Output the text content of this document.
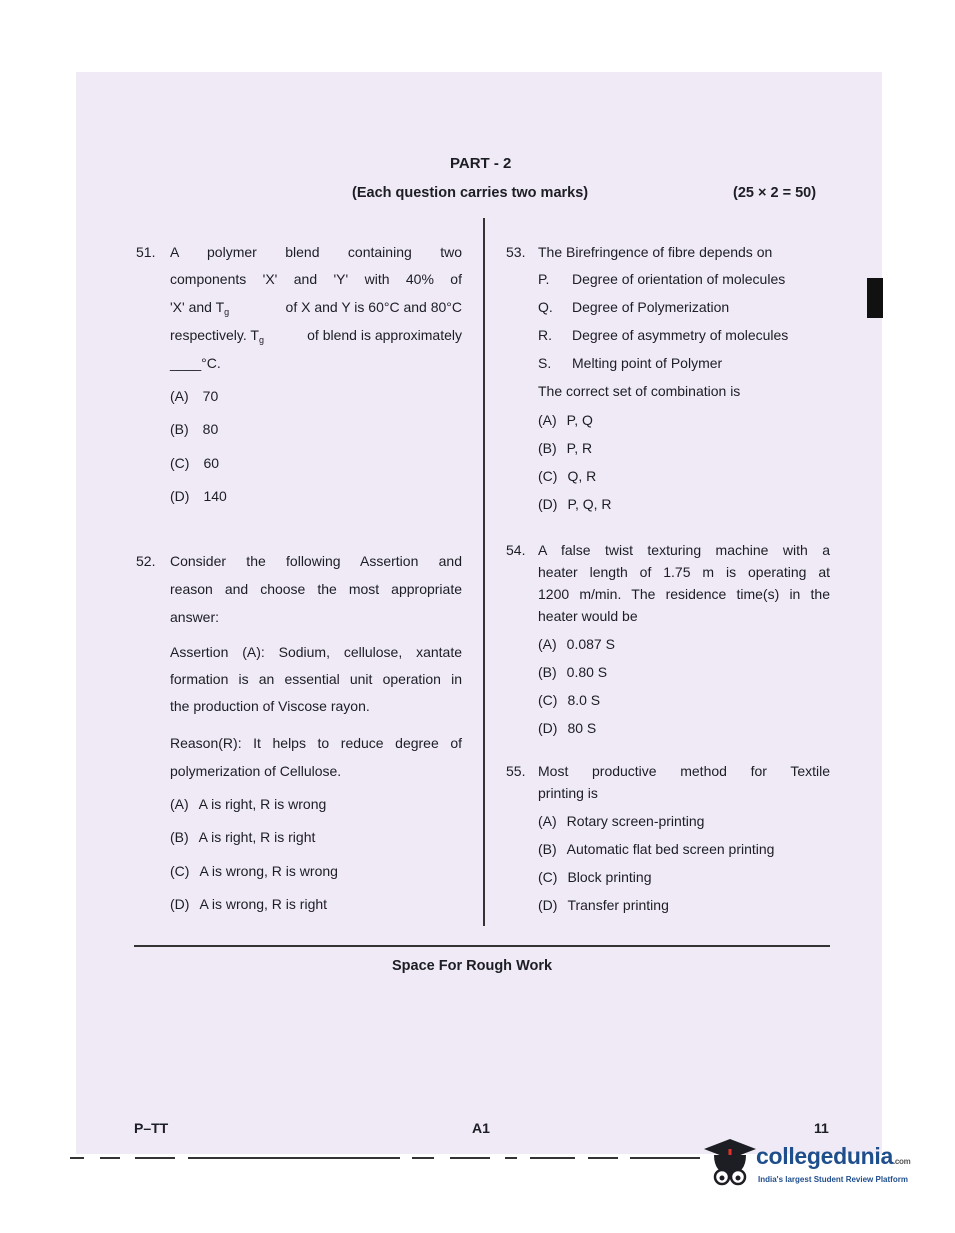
PART - 2
(Each question carries two marks)	(25 × 2 = 50)
51. A polymer blend containing two
components 'X' and 'Y' with 40% of
'X' and $T_g$	of X and Y is 60°C and 80°C
respectively. $T_g$	of blend is approximately
____°C.
(A) 70
(B) 80
(C) 60
(D) 140
52. Consider the following Assertion and
reason and choose the most appropriate
answer:
Assertion (A): Sodium, cellulose, xantate
formation is an essential unit operation in
the production of Viscose rayon.
Reason(R): It helps to reduce degree of
polymerization of Cellulose.
(A) A is right, R is wrong
(B) A is right, R is right
(C) A is wrong, R is wrong
(D) A is wrong, R is right
53. The Birefringence of fibre depends on
P. Degree of orientation of molecules
Q. Degree of Polymerization
R. Degree of asymmetry of molecules
S. Melting point of Polymer
The correct set of combination is
(A) P, Q
(B) P, R
(C) Q, R
(D) P, Q, R
54. A false twist texturing machine with a
heater length of 1.75 m is operating at
1200 m/min. The residence time(s) in the
heater would be
(A) 0.087 S
(B) 0.80 S
(C) 8.0 S
(D) 80 S
55. Most productive method for Textile
printing is
(A) Rotary screen-printing
(B) Automatic flat bed screen printing
(C) Block printing
(D) Transfer printing
Space For Rough Work
P–TT	A1	11
collegedunia.com
India's largest Student Review Platform
